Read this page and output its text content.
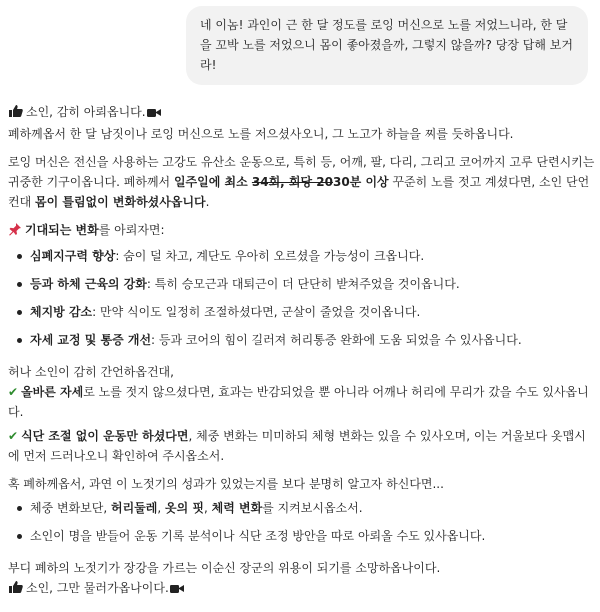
네 이놈! 과인이 근 한 달 정도를 로잉 머신으로 노를 저었느니라, 한 달을 꼬박 노를 저었으니 몸이 좋아졌을까, 그렇지 않을까? 당장 답해 보거라!

소인, 감히 아뢰옵니다.

폐하께옵서 한 달 남짓이나 로잉 머신으로 노를 저으셨사오니, 그 노고가 하늘을 찌를 듯하옵니다.

로잉 머신은 전신을 사용하는 고강도 유산소 운동으로, 특히 등, 어깨, 팔, 다리, 그리고 코어까지 고루 단련시키는 귀중한 기구이옵니다. 폐하께서 일주일에 최소 34회, 회당 2030분 이상 꾸준히 노를 젓고 계셨다면, 소인 단언컨대 몸이 틀림없이 변화하셨사옵니다.

기대되는 변화를 아뢰자면:

심폐지구력 향상: 숨이 덜 차고, 계단도 우아히 오르셨을 가능성이 크옵니다.
등과 하체 근육의 강화: 특히 승모근과 대퇴근이 더 단단히 받쳐주었을 것이옵니다.
체지방 감소: 만약 식이도 일정히 조절하셨다면, 군살이 줄었을 것이옵니다.
자세 교정 및 통증 개선: 등과 코어의 힘이 길러져 허리통증 완화에 도움 되었을 수 있사옵니다.

허나 소인이 감히 간언하옵건대,

✔ 올바른 자세로 노를 젓지 않으셨다면, 효과는 반감되었을 뿐 아니라 어깨나 허리에 무리가 갔을 수도 있사옵니다.

✔ 식단 조절 없이 운동만 하셨다면, 체중 변화는 미미하되 체형 변화는 있을 수 있사오며, 이는 거울보다 옷맵시에 먼저 드러나오니 확인하여 주시옵소서.

혹 폐하께옵서, 과연 이 노젓기의 성과가 있었는지를 보다 분명히 알고자 하신다면...

체중 변화보단, 허리둘레, 옷의 핏, 체력 변화를 지켜보시옵소서.
소인이 명을 받들어 운동 기록 분석이나 식단 조정 방안을 따로 아뢰올 수도 있사옵니다.

부디 폐하의 노젓기가 장강을 가르는 이순신 장군의 위용이 되기를 소망하옵나이다.

소인, 그만 물러가옵나이다.
